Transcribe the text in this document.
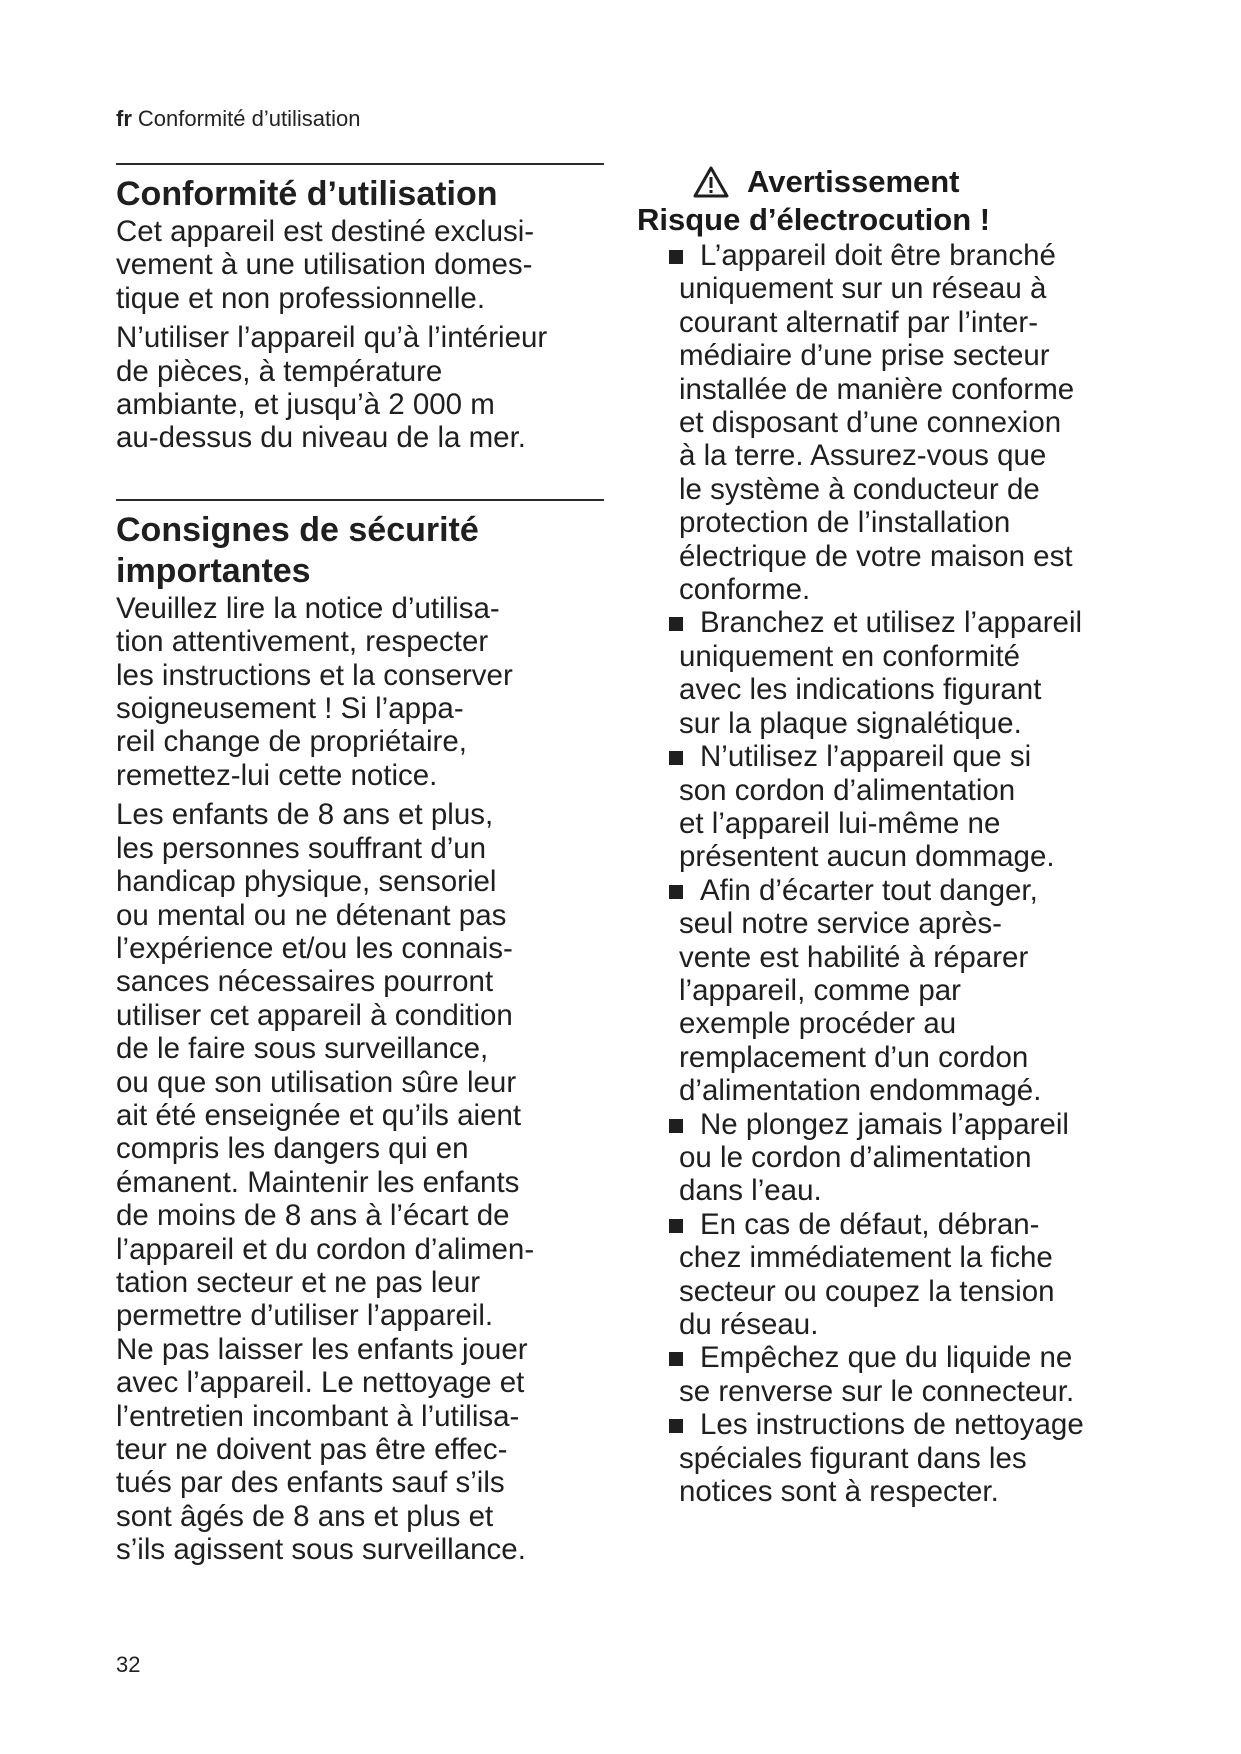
fr Conformité d’utilisation
Conformité d’utilisation

Cet appareil est destiné exclusi-
vement à une utilisation domes-
tique et non professionnelle.

N’utiliser l’appareil qu’à l’intérieur
de pièces, à température
ambiante, et jusqu’à 2 000 m
au-dessus du niveau de la mer.

Consignes de sécurité
importantes

Veuillez lire la notice d’utilisa-
tion attentivement, respecter
les instructions et la conserver
soigneusement ! Si l’appa-
reil change de propriétaire,
remettez-lui cette notice.

Les enfants de 8 ans et plus,
les personnes souffrant d’un
handicap physique, sensoriel
ou mental ou ne détenant pas
l’expérience et/ou les connais-
sances nécessaires pourront
utiliser cet appareil à condition
de le faire sous surveillance,
ou que son utilisation sûre leur
ait été enseignée et qu’ils aient
compris les dangers qui en
émanent. Maintenir les enfants
de moins de 8 ans à l’écart de
l’appareil et du cordon d’alimen-
tation secteur et ne pas leur
permettre d’utiliser l’appareil.
Ne pas laisser les enfants jouer
avec l’appareil. Le nettoyage et
l’entretien incombant à l’utilisa-
teur ne doivent pas être effec-
tués par des enfants sauf s’ils
sont âgés de 8 ans et plus et
s’ils agissent sous surveillance.

Avertissement
Risque d’électrocution !
L’appareil doit être branché
uniquement sur un réseau à
courant alternatif par l’inter-
médiaire d’une prise secteur
installée de manière conforme
et disposant d’une connexion
à la terre. Assurez-vous que
le système à conducteur de
protection de l’installation
électrique de votre maison est
conforme.
Branchez et utilisez l’appareil
uniquement en conformité
avec les indications figurant
sur la plaque signalétique.
N’utilisez l’appareil que si
son cordon d’alimentation
et l’appareil lui-même ne
présentent aucun dommage.
Afin d’écarter tout danger,
seul notre service après-
vente est habilité à réparer
l’appareil, comme par
exemple procéder au
remplacement d’un cordon
d’alimentation endommagé.
Ne plongez jamais l’appareil
ou le cordon d’alimentation
dans l’eau.
En cas de défaut, débran-
chez immédiatement la fiche
secteur ou coupez la tension
du réseau.
Empêchez que du liquide ne
se renverse sur le connecteur.
Les instructions de nettoyage
spéciales figurant dans les
notices sont à respecter.
32
